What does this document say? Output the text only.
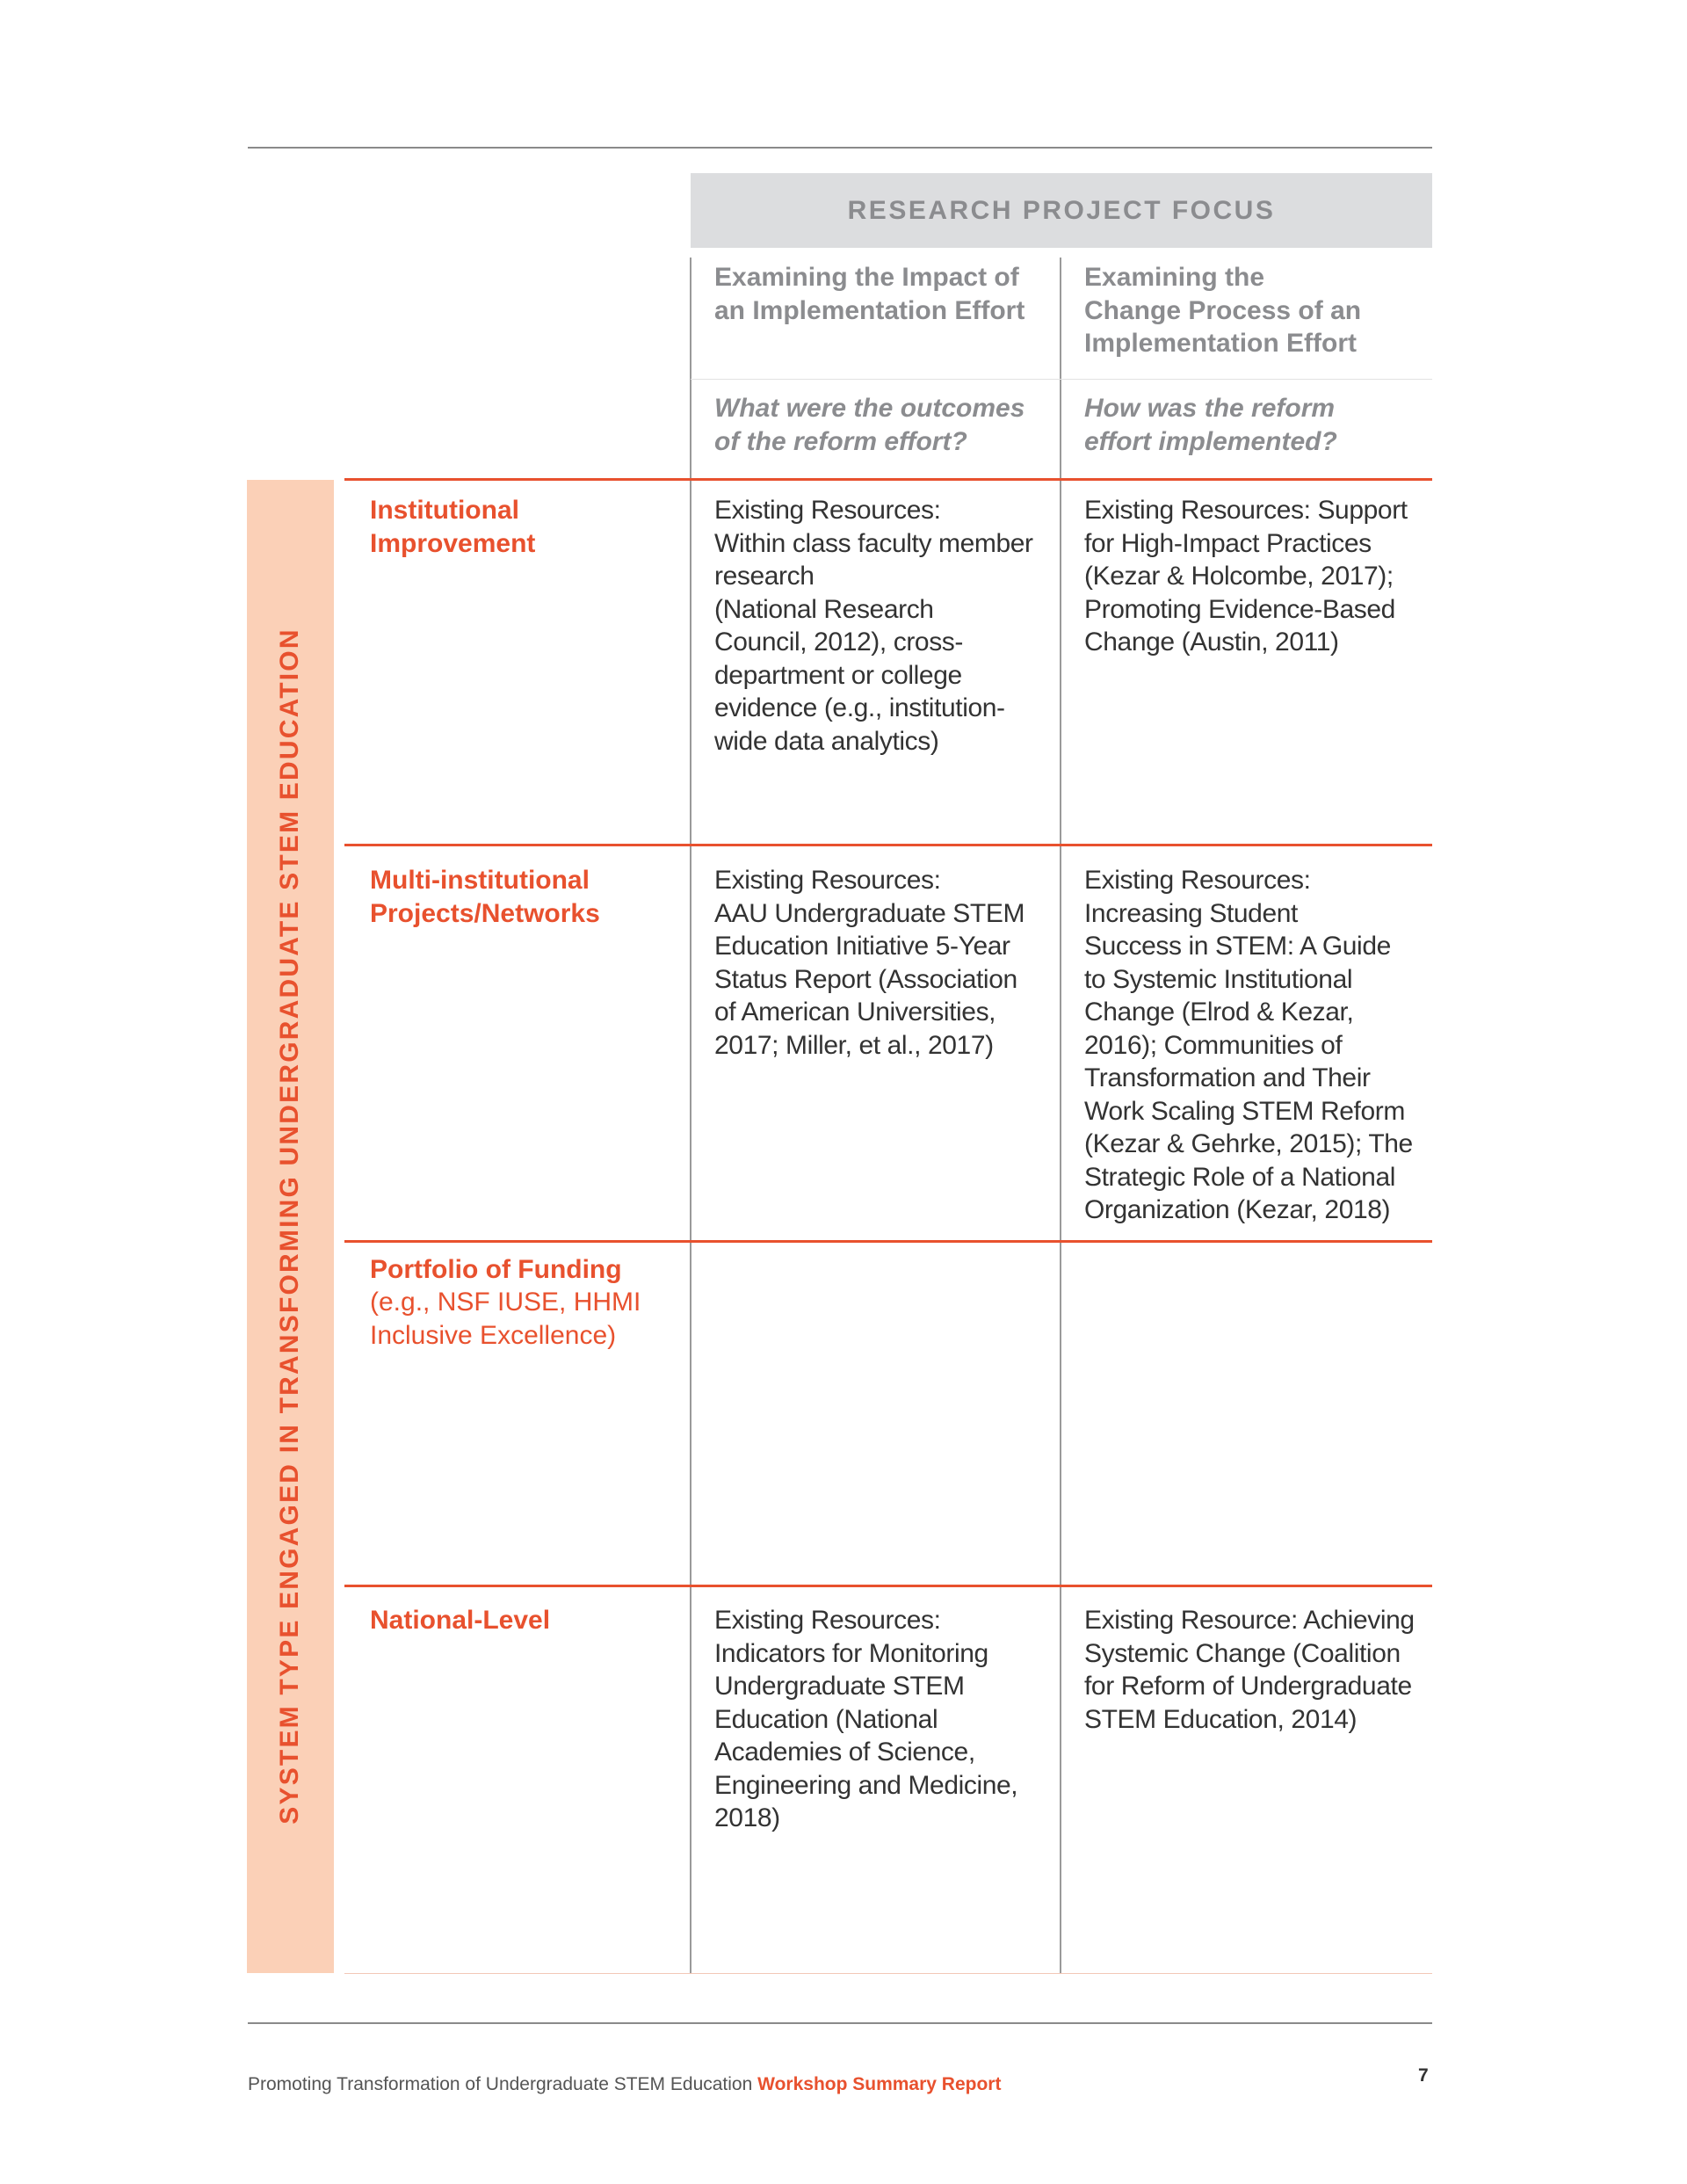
RESEARCH PROJECT FOCUS
Examining the Impact of
an Implementation Effort
Examining the
Change Process of an
Implementation Effort
What were the outcomes
of the reform effort?
How was the reform
effort implemented?
SYSTEM TYPE ENGAGED IN TRANSFORMING UNDERGRADUATE STEM EDUCATION
Institutional
Improvement
Existing Resources:
Within class faculty member
research
(National Research
Council, 2012), cross-
department or college
evidence (e.g., institution-
wide data analytics)
Existing Resources: Support
for High-Impact Practices
(Kezar & Holcombe, 2017);
Promoting Evidence-Based
Change (Austin, 2011)
Multi-institutional
Projects/Networks
Existing Resources:
AAU Undergraduate STEM
Education Initiative 5-Year
Status Report (Association
of American Universities,
2017; Miller, et al., 2017)
Existing Resources:
Increasing Student
Success in STEM: A Guide
to Systemic Institutional
Change (Elrod & Kezar,
2016); Communities of
Transformation and Their
Work Scaling STEM Reform
(Kezar & Gehrke, 2015); The
Strategic Role of a National
Organization (Kezar, 2018)
Portfolio of Funding
(e.g., NSF IUSE, HHMI
Inclusive Excellence)
National-Level	Existing Resources:
Indicators for Monitoring
Undergraduate STEM
Education (National
Academies of Science,
Engineering and Medicine,
2018)
Existing Resource: Achieving
Systemic Change (Coalition
for Reform of Undergraduate
STEM Education, 2014)
Promoting Transformation of Undergraduate STEM Education Workshop Summary Report	7
